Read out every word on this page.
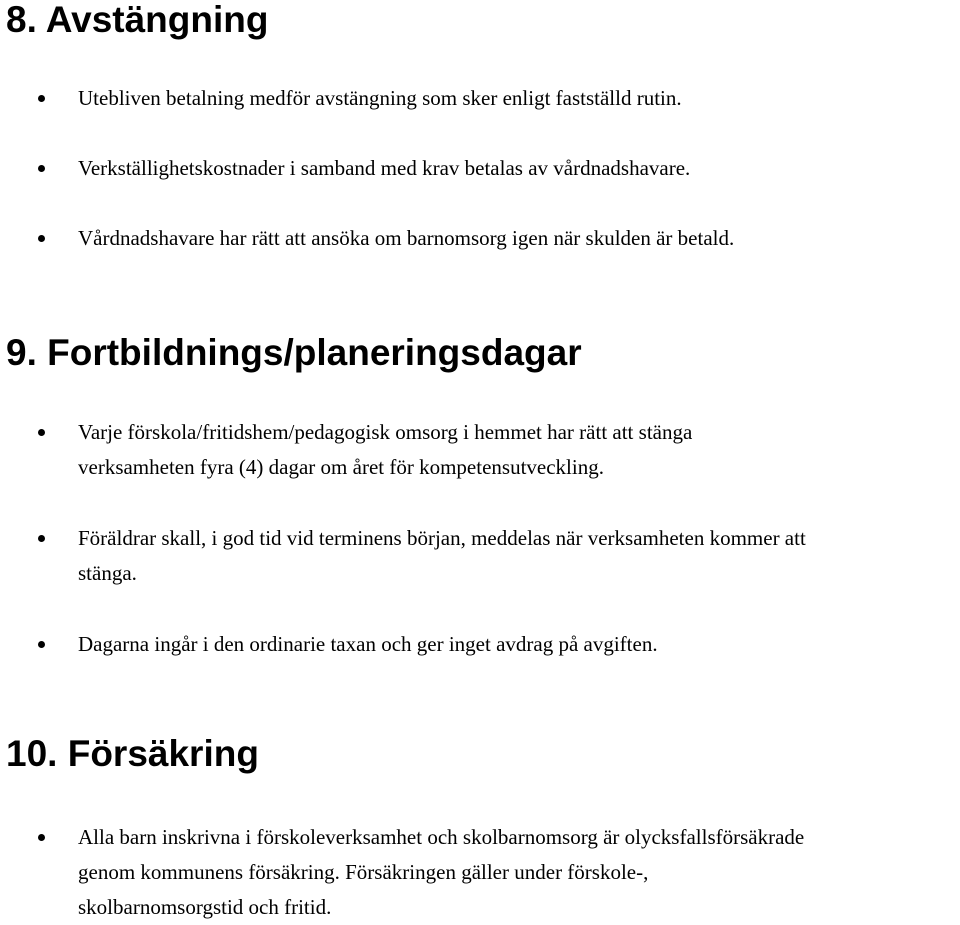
8. Avstängning

Utebliven betalning medför avstängning som sker enligt fastställd rutin.

Verkställighetskostnader i samband med krav betalas av vårdnadshavare.

Vårdnadshavare har rätt att ansöka om barnomsorg igen när skulden är betald.

9. Fortbildnings/planeringsdagar

Varje förskola/fritidshem/pedagogisk omsorg i hemmet har rätt att stänga
verksamheten fyra (4) dagar om året för kompetensutveckling.

Föräldrar skall, i god tid vid terminens början, meddelas när verksamheten kommer att
stänga.

Dagarna ingår i den ordinarie taxan och ger inget avdrag på avgiften.

10. Försäkring

Alla barn inskrivna i förskoleverksamhet och skolbarnomsorg är olycksfallsförsäkrade
genom kommunens försäkring. Försäkringen gäller under förskole-,
skolbarnomsorgstid och fritid.
